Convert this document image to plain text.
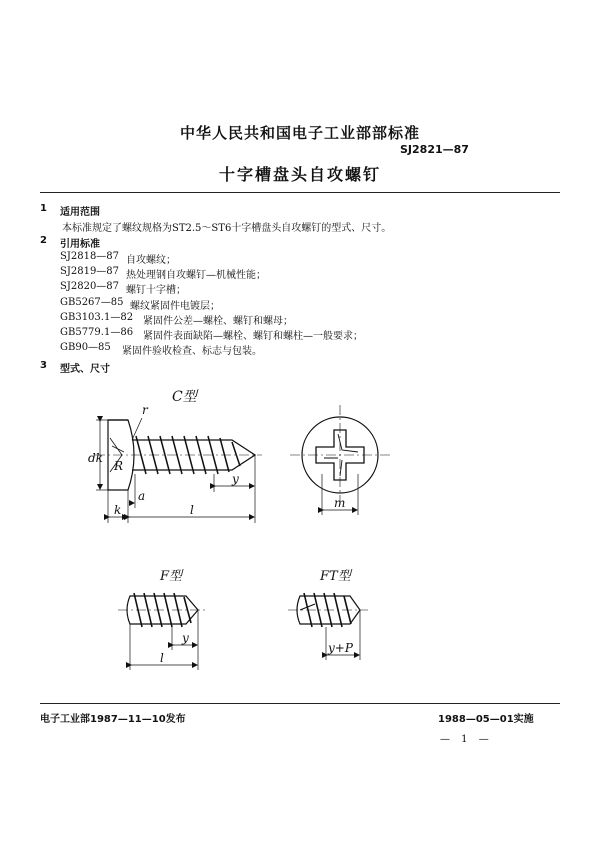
中华人民共和国电子工业部部标准
SJ2821—87
十字槽盘头自攻螺钉
1 适用范围
本标准规定了螺纹规格为ST2.5～ST6十字槽盘头自攻螺钉的型式、尺寸。
2 引用标准
SJ2818—87 自攻螺纹；
SJ2819—87 热处理钢自攻螺钉—机械性能；
SJ2820—87 螺钉十字槽；
GB5267—85 螺纹紧固件电镀层；
GB3103.1—82 紧固件公差—螺栓、螺钉和螺母；
GB5779.1—86 紧固件表面缺陷—螺栓、螺钉和螺柱—一般要求；
GB90—85 紧固件验收检查、标志与包装。
3 型式、尺寸
C型
dk
r
R
a
k	l
y
m
F型
y
l
FT型
y+P
电子工业部1987—11—10发布	1988—05—01实施
— 1 —
